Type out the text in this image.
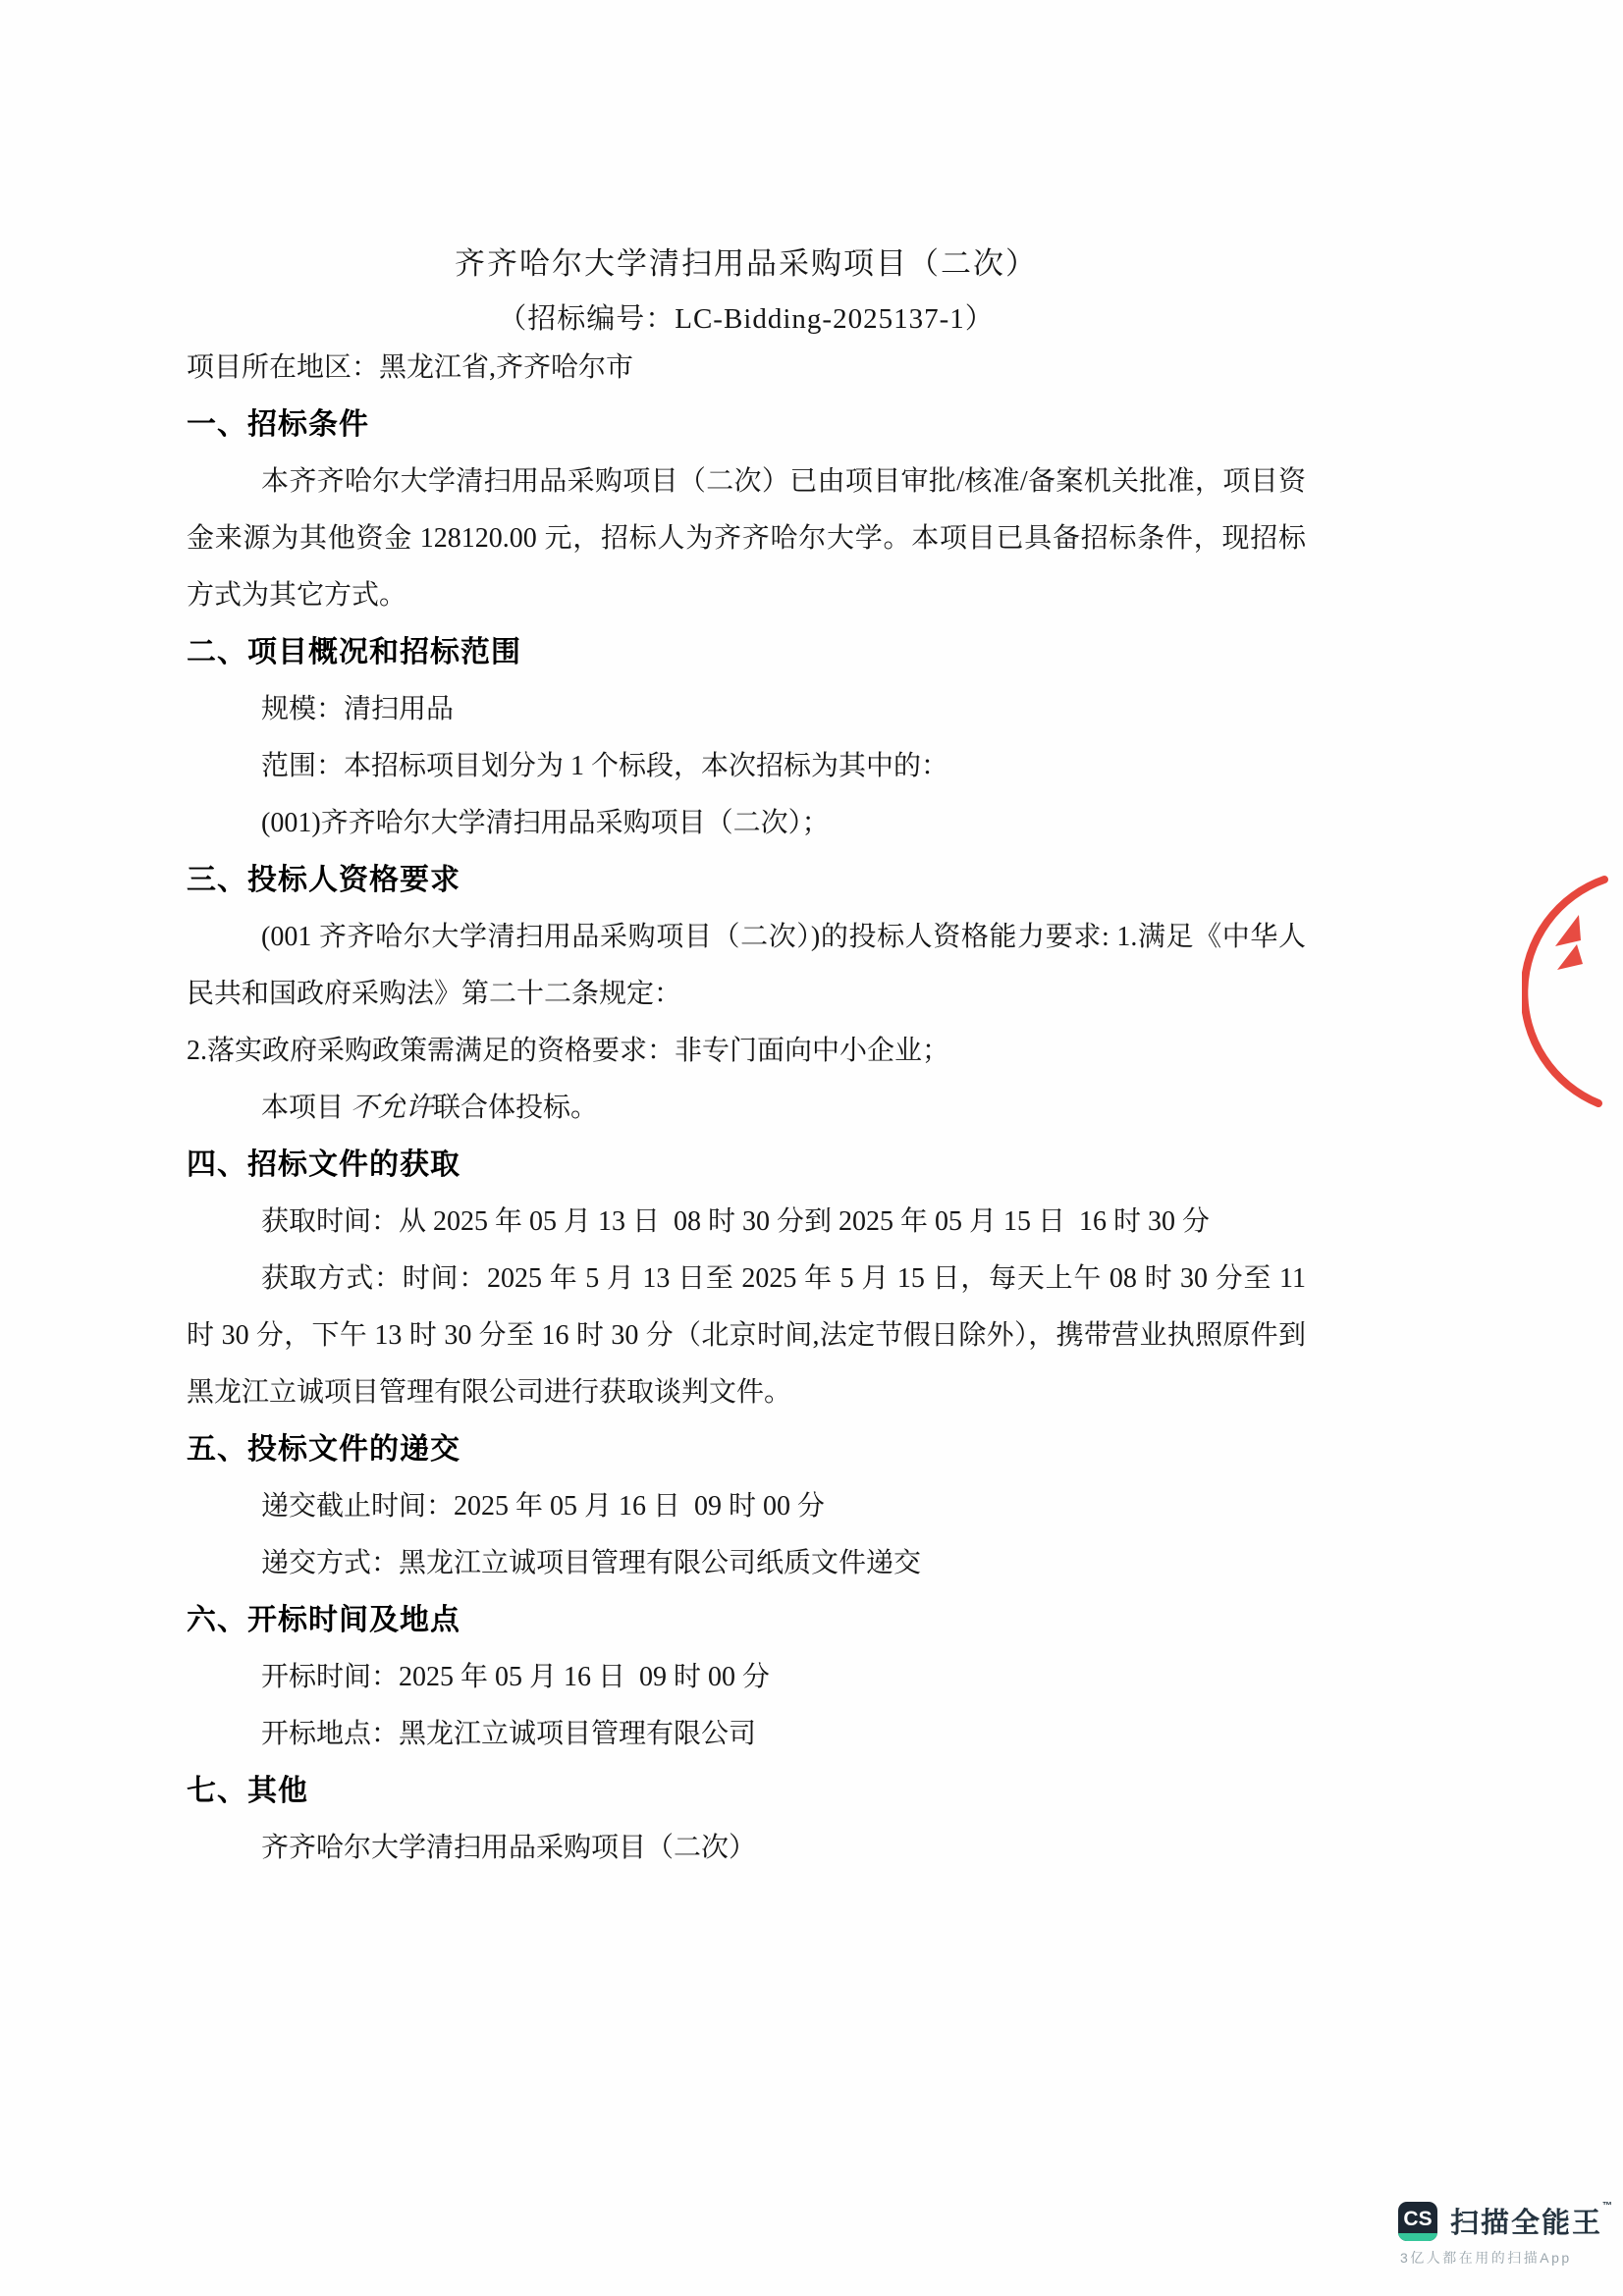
齐齐哈尔大学清扫用品采购项目（二次）
（招标编号：LC-Bidding-2025137-1）

项目所在地区：黑龙江省,齐齐哈尔市

一、招标条件

本齐齐哈尔大学清扫用品采购项目（二次）已由项目审批/核准/备案机关批准，项目资金来源为其他资金 128120.00 元，招标人为齐齐哈尔大学。本项目已具备招标条件，现招标方式为其它方式。

二、项目概况和招标范围

规模：清扫用品

范围：本招标项目划分为 1 个标段，本次招标为其中的：

(001)齐齐哈尔大学清扫用品采购项目（二次）；

三、投标人资格要求

(001 齐齐哈尔大学清扫用品采购项目（二次）)的投标人资格能力要求: 1.满足《中华人民共和国政府采购法》第二十二条规定：

2.落实政府采购政策需满足的资格要求：非专门面向中小企业；

本项目 不允许联合体投标。

四、招标文件的获取

获取时间：从 2025 年 05 月 13 日  08 时 30 分到 2025 年 05 月 15 日  16 时 30 分

获取方式：时间：2025 年 5 月 13 日至 2025 年 5 月 15 日，每天上午 08 时 30 分至 11 时 30 分，下午 13 时 30 分至 16 时 30 分（北京时间,法定节假日除外），携带营业执照原件到黑龙江立诚项目管理有限公司进行获取谈判文件。

五、投标文件的递交

递交截止时间：2025 年 05 月 16 日  09 时 00 分

递交方式：黑龙江立诚项目管理有限公司纸质文件递交

六、开标时间及地点

开标时间：2025 年 05 月 16 日  09 时 00 分

开标地点：黑龙江立诚项目管理有限公司

七、其他

齐齐哈尔大学清扫用品采购项目（二次）

CS 扫描全能王™
3亿人都在用的扫描App
